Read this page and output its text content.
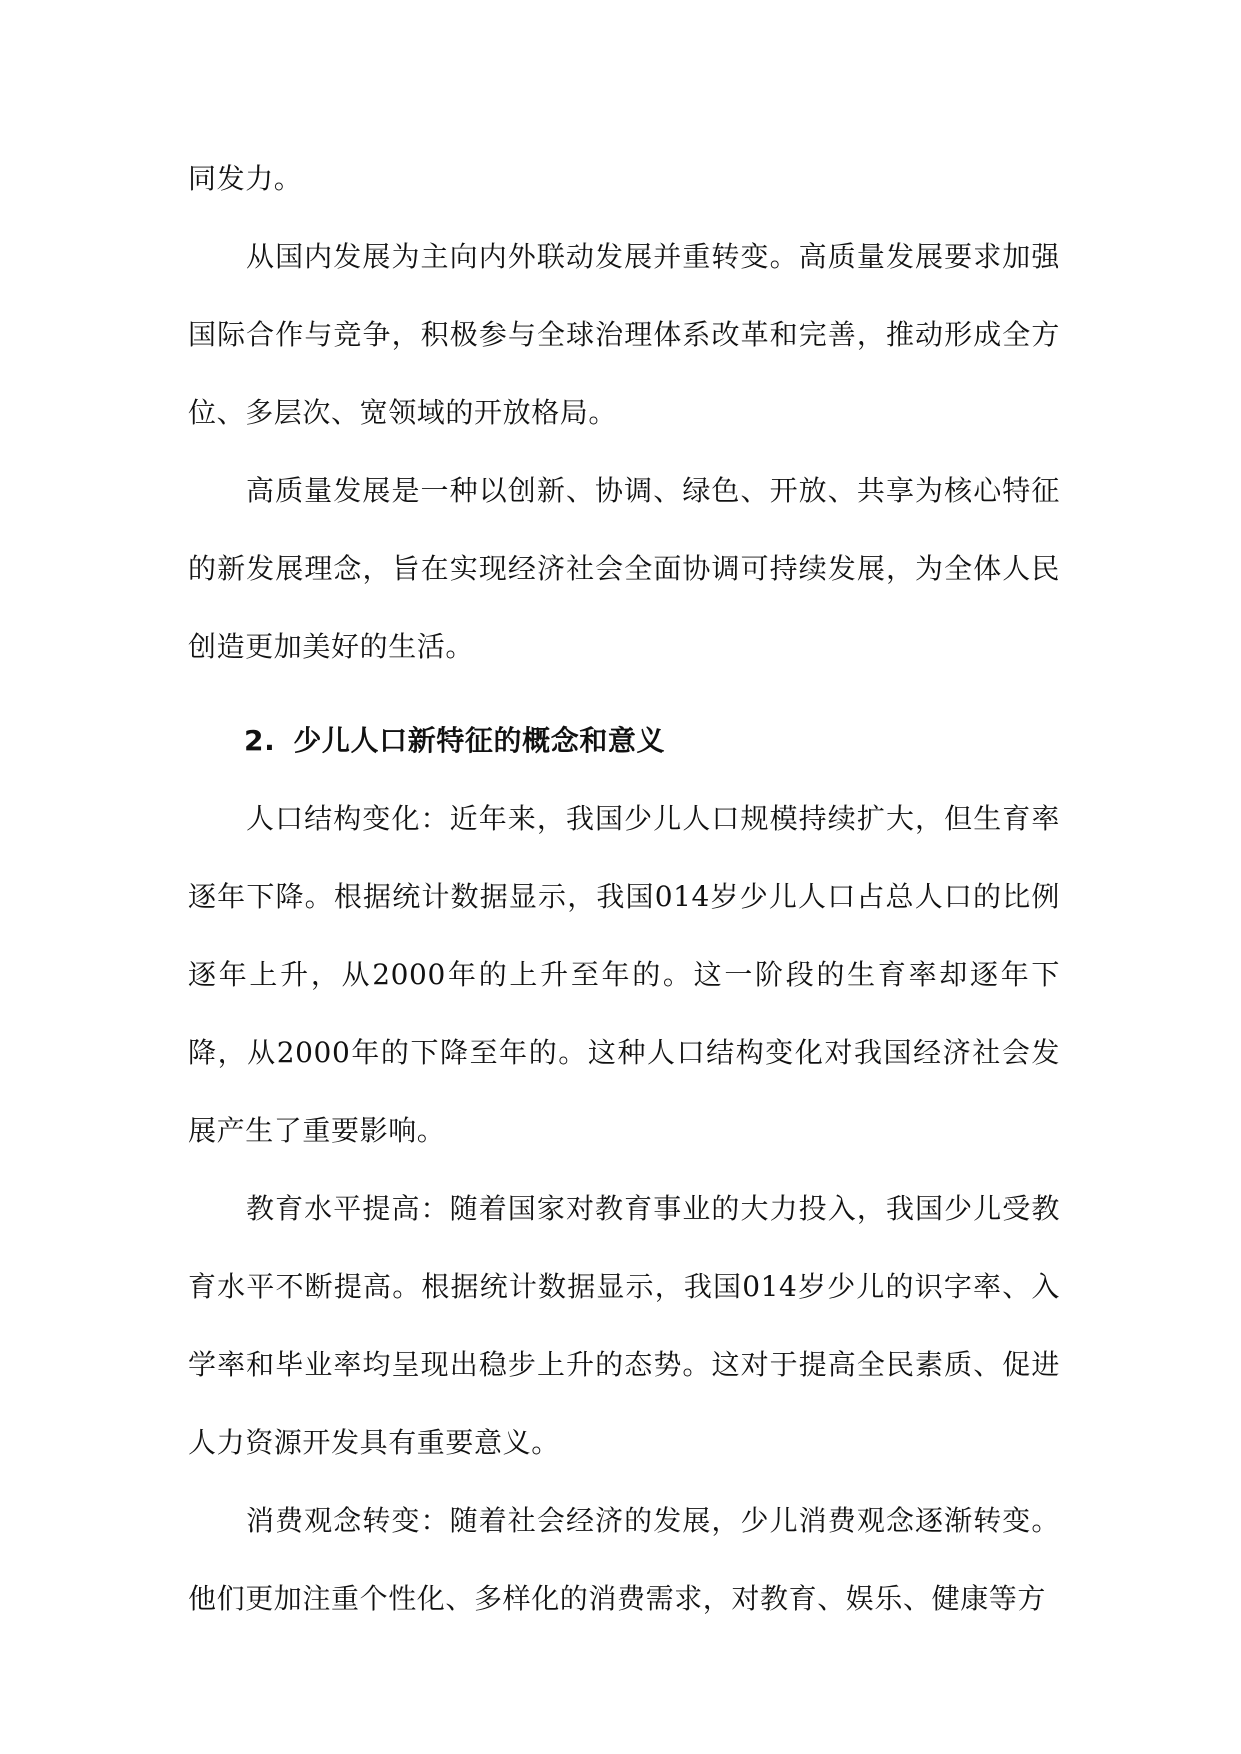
同发力。

从国内发展为主向内外联动发展并重转变。高质量发展要求加强国际合作与竞争，积极参与全球治理体系改革和完善，推动形成全方位、多层次、宽领域的开放格局。

高质量发展是一种以创新、协调、绿色、开放、共享为核心特征的新发展理念，旨在实现经济社会全面协调可持续发展，为全体人民创造更加美好的生活。

2. 少儿人口新特征的概念和意义

人口结构变化：近年来，我国少儿人口规模持续扩大，但生育率逐年下降。根据统计数据显示，我国014岁少儿人口占总人口的比例逐年上升，从2000年的上升至年的。这一阶段的生育率却逐年下降，从2000年的下降至年的。这种人口结构变化对我国经济社会发展产生了重要影响。

教育水平提高：随着国家对教育事业的大力投入，我国少儿受教育水平不断提高。根据统计数据显示，我国014岁少儿的识字率、入学率和毕业率均呈现出稳步上升的态势。这对于提高全民素质、促进人力资源开发具有重要意义。

消费观念转变：随着社会经济的发展，少儿消费观念逐渐转变。他们更加注重个性化、多样化的消费需求，对教育、娱乐、健康等方
